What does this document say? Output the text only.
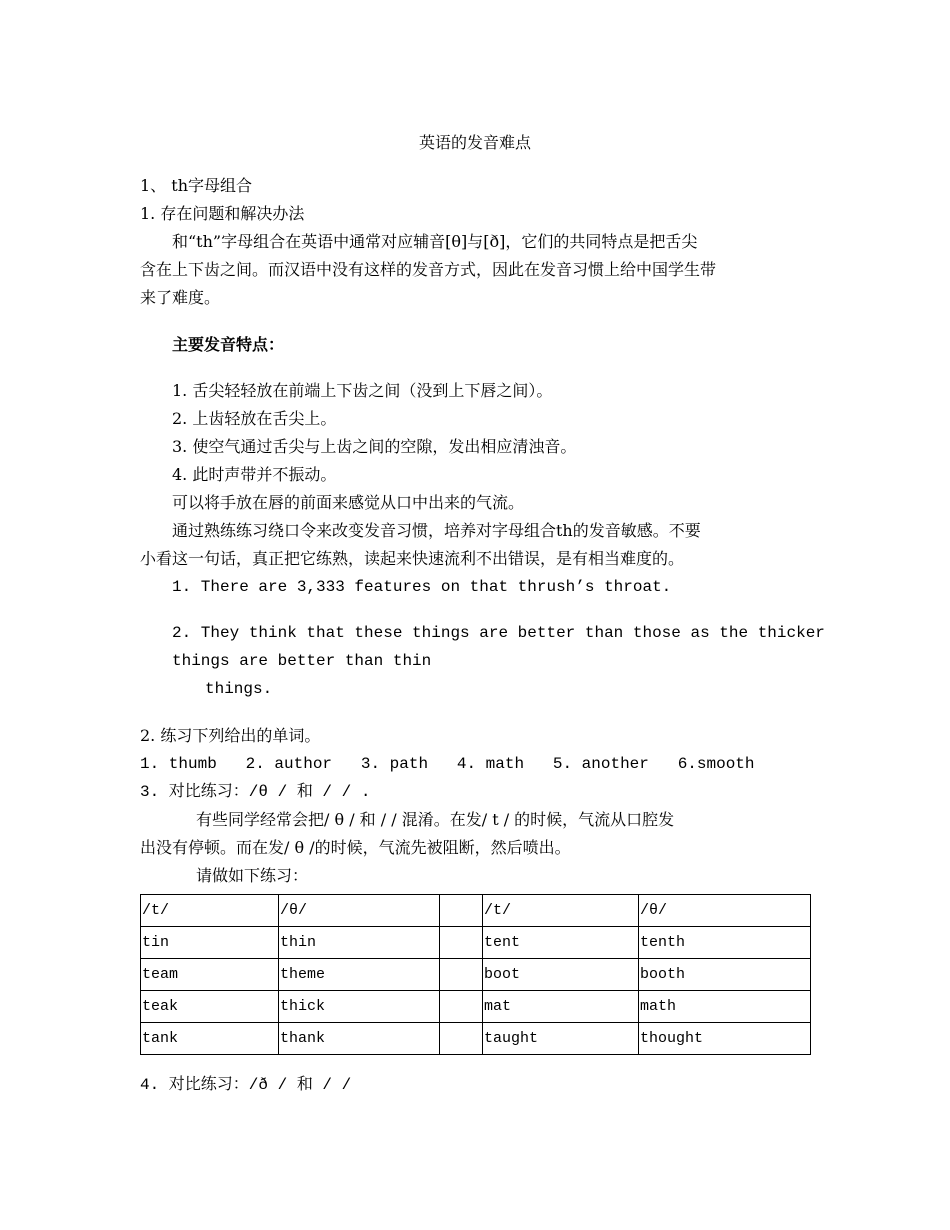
英语的发音难点
1、 th字母组合
1. 存在问题和解决办法
和“th”字母组合在英语中通常对应辅音[θ]与[ð]，它们的共同特点是把舌尖
含在上下齿之间。而汉语中没有这样的发音方式，因此在发音习惯上给中国学生带
来了难度。
主要发音特点：
1. 舌尖轻轻放在前端上下齿之间（没到上下唇之间）。
2. 上齿轻放在舌尖上。
3. 使空气通过舌尖与上齿之间的空隙，发出相应清浊音。
4. 此时声带并不振动。
可以将手放在唇的前面来感觉从口中出来的气流。
通过熟练练习绕口令来改变发音习惯，培养对字母组合th的发音敏感。不要
小看这一句话，真正把它练熟，读起来快速流利不出错误，是有相当难度的。
1. There are 3,333 features on that thrush’s throat.
2. They think that these things are better than those as the thicker
things are better than thin
things.
2. 练习下列给出的单词。
1. thumb   2. author   3. path   4. math   5. another   6.smooth
3. 对比练习：/θ / 和 / / .
有些同学经常会把/ θ / 和 / / 混淆。在发/ t / 的时候，气流从口腔发
出没有停顿。而在发/ θ /的时候，气流先被阻断，然后喷出。
请做如下练习：
/t/	/θ/		/t/	/θ/
tin	thin		tent	tenth
team	theme		boot	booth
teak	thick		mat	math
tank	thank		taught	thought
4. 对比练习：/ð / 和 / /
